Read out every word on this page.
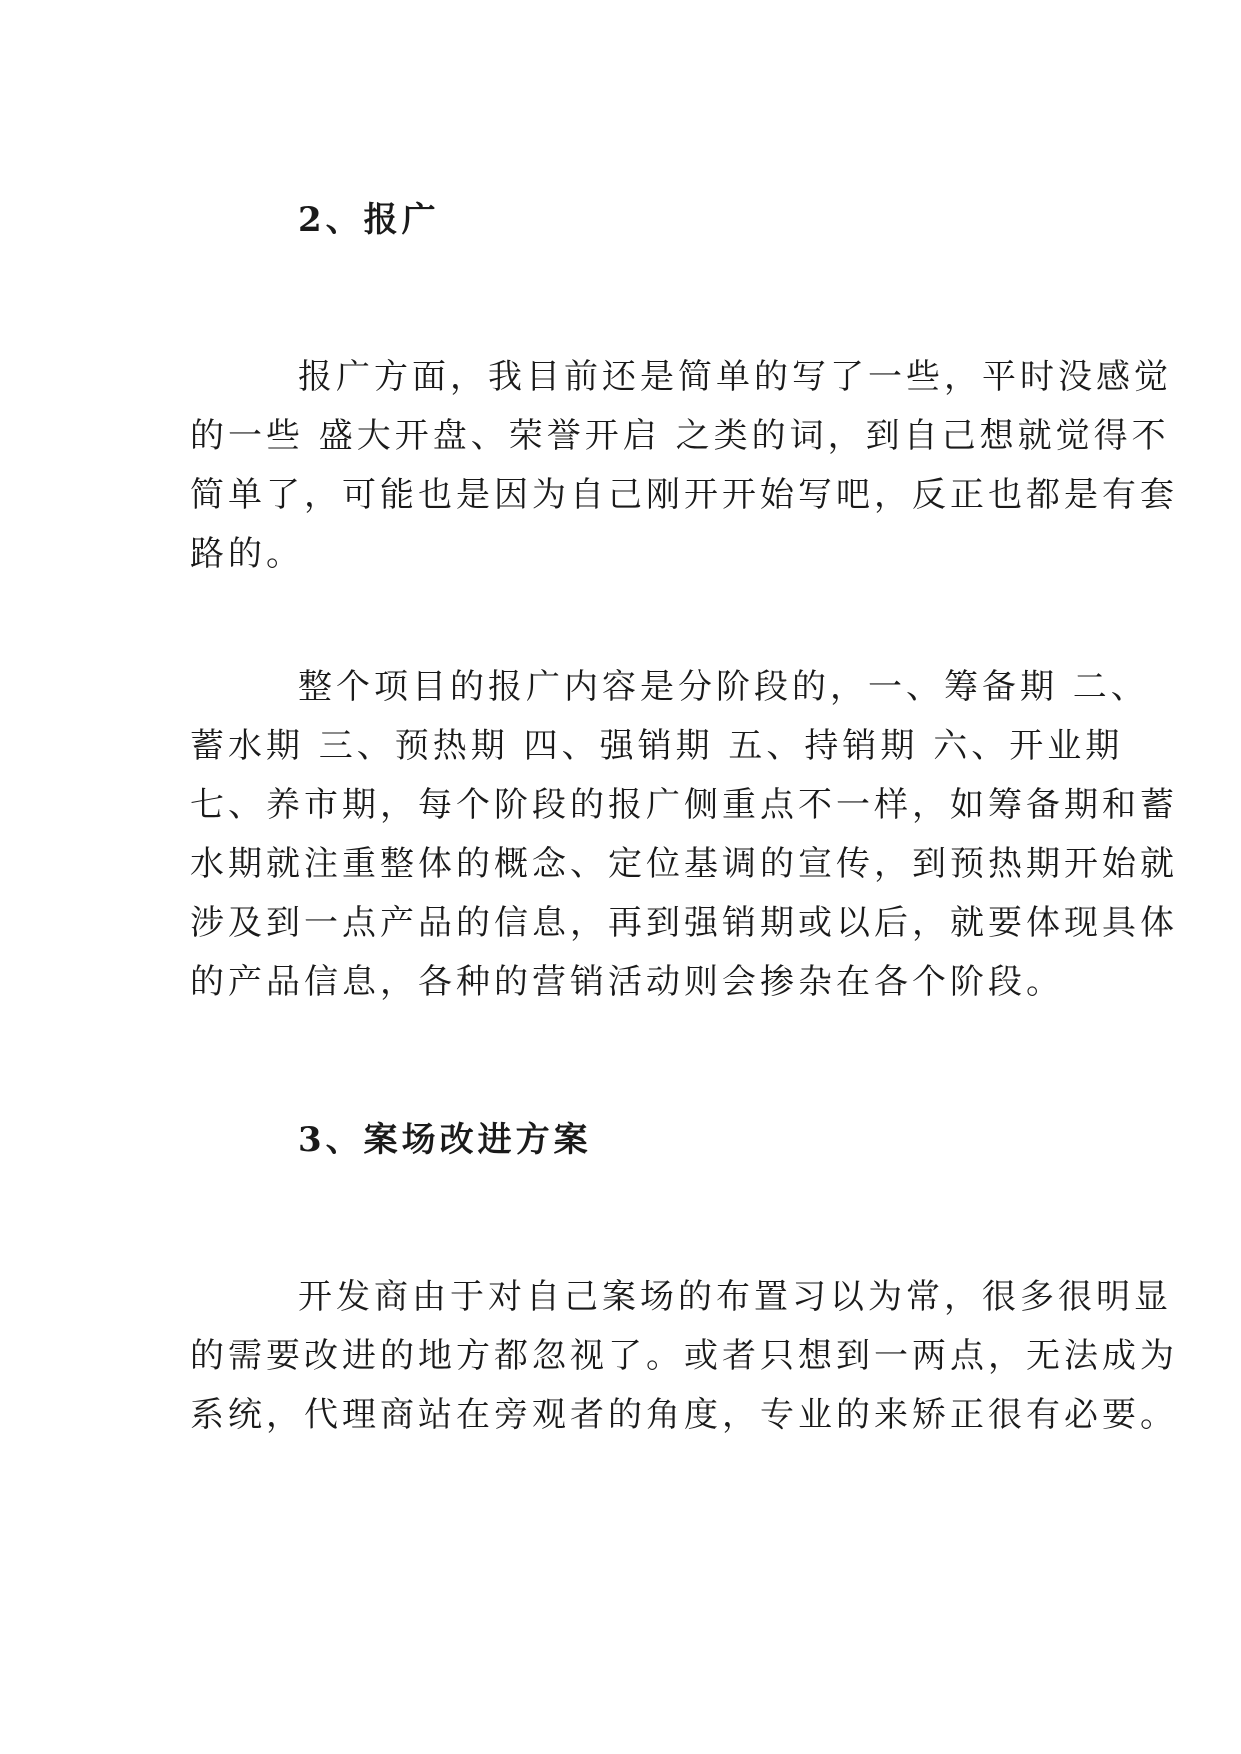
2、报广

报广方面，我目前还是简单的写了一些，平时没感觉
的一些 盛大开盘、荣誉开启 之类的词，到自己想就觉得不
简单了，可能也是因为自己刚开开始写吧，反正也都是有套
路的。

整个项目的报广内容是分阶段的，一、筹备期 二、
蓄水期 三、预热期 四、强销期 五、持销期 六、开业期
七、养市期，每个阶段的报广侧重点不一样，如筹备期和蓄
水期就注重整体的概念、定位基调的宣传，到预热期开始就
涉及到一点产品的信息，再到强销期或以后，就要体现具体
的产品信息，各种的营销活动则会掺杂在各个阶段。

3、案场改进方案

开发商由于对自己案场的布置习以为常，很多很明显
的需要改进的地方都忽视了。或者只想到一两点，无法成为
系统，代理商站在旁观者的角度，专业的来矫正很有必要。
